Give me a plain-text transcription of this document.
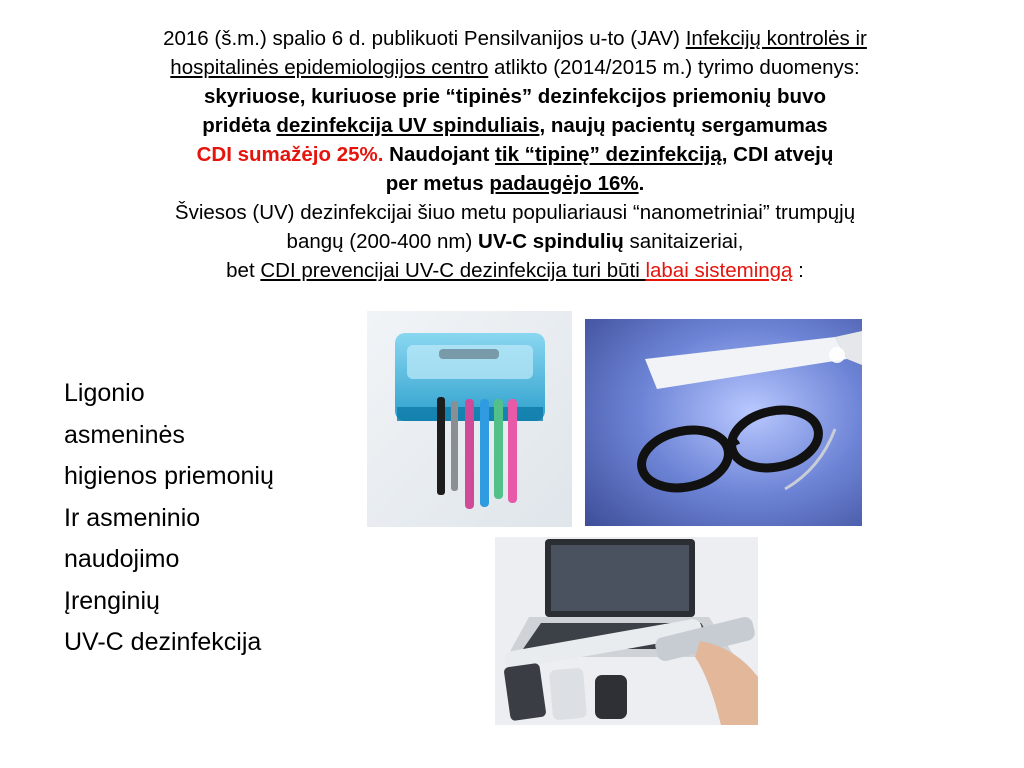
2016 (š.m.) spalio 6 d. publikuoti Pensilvanijos u-to (JAV) Infekcijų kontrolės ir
hospitalinės epidemiologijos centro atlikto (2014/2015 m.) tyrimo duomenys:
skyriuose, kuriuose prie “tipinės” dezinfekcijos priemonių buvo
pridėta dezinfekcija UV spinduliais, naujų pacientų sergamumas
CDI sumažėjo 25%. Naudojant tik “tipinę” dezinfekciją, CDI atvejų
per metus padaugėjo 16%.
Šviesos (UV) dezinfekcijai šiuo metu populiariausi “nanometriniai” trumpųjų
bangų (200-400 nm) UV-C spindulių sanitaizeriai,
bet CDI prevencijai UV-C dezinfekcija turi būti labai sistemingą :
Ligonio
asmeninės
higienos priemonių
Ir asmeninio
naudojimo
Įrenginių
UV-C dezinfekcija
